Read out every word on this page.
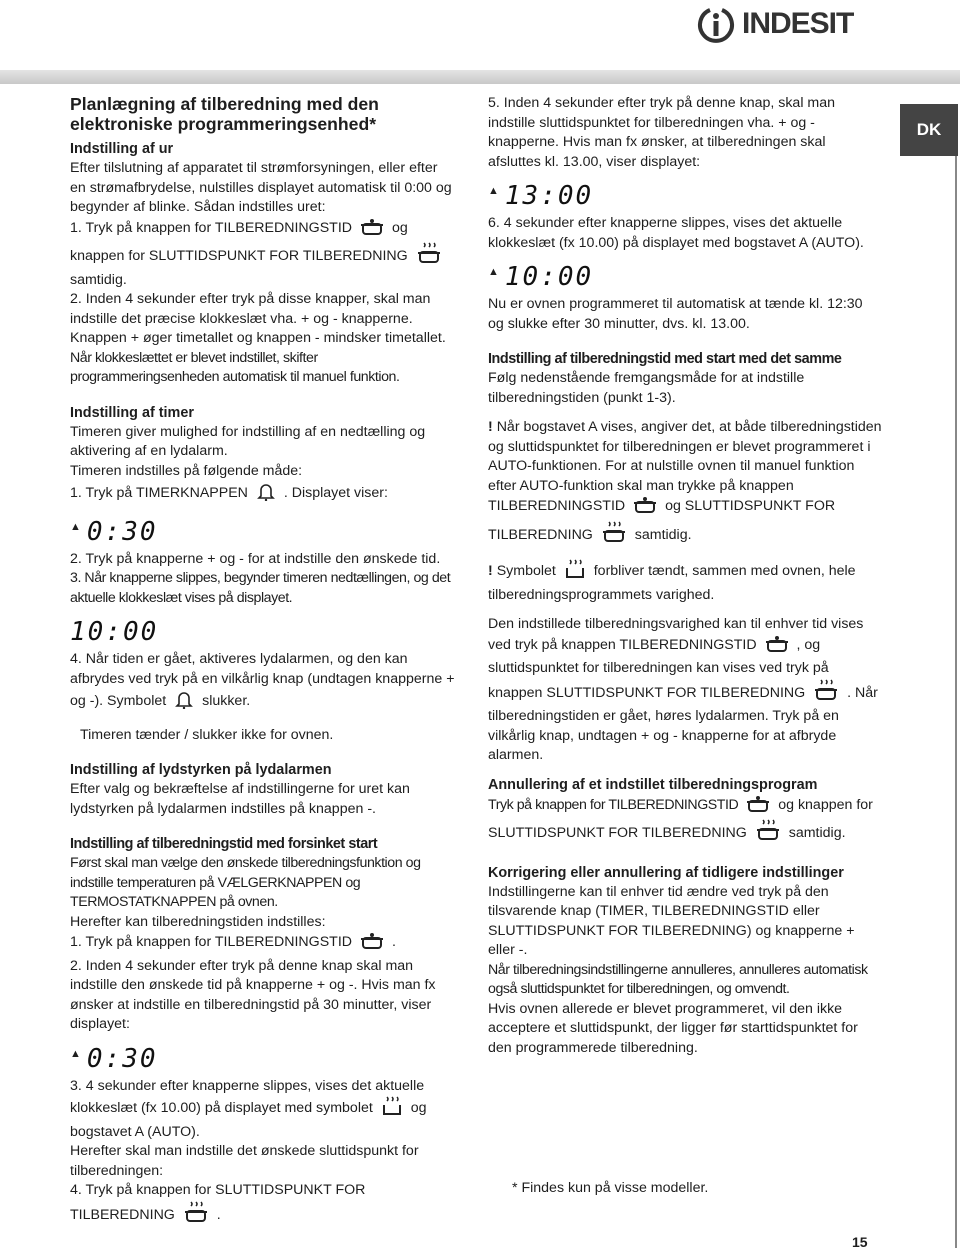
INDESIT
DK
Planlægning af tilberedning med den elektroniske programmeringsenhed*
Indstilling af ur

Efter tilslutning af apparatet til strømforsyningen, eller efter en strømafbrydelse, nulstilles displayet automatisk til 0:00 og begynder af blinke. Sådan indstilles uret:

1. Tryk på knappen for TILBEREDNINGSTID	og knappen for SLUTTIDSPUNKT FOR TILBEREDNING  samtidig.

2. Inden 4 sekunder efter tryk på disse knapper, skal man indstille det præcise klokkeslæt vha. + og - knapperne. Knappen + øger timetallet og knappen - mindsker timetallet.

Når klokkeslættet er blevet indstillet, skifter programmeringsenheden automatisk til manuel funktion.

Indstilling af timer

Timeren giver mulighed for indstilling af en nedtælling og aktivering af en lydalarm.

Timeren indstilles på følgende måde:

1. Tryk på TIMERKNAPPEN	. Displayet viser:

▲ 0:30

2. Tryk på knapperne + og - for at indstille den ønskede tid.

3. Når knapperne slippes, begynder timeren nedtællingen, og det aktuelle klokkeslæt vises på displayet.

10:00

4. Når tiden er gået, aktiveres lydalarmen, og den kan afbrydes ved tryk på en vilkårlig knap (undtagen knapperne + og -). Symbolet	slukker.

Timeren tænder / slukker ikke for ovnen.

Indstilling af lydstyrken på lydalarmen

Efter valg og bekræftelse af indstillingerne for uret kan lydstyrken på lydalarmen indstilles på knappen -.

Indstilling af tilberedningstid med forsinket start

Først skal man vælge den ønskede tilberedningsfunktion og indstille temperaturen på VÆLGERKNAPPEN og TERMOSTATKNAPPEN på ovnen.

Herefter kan tilberedningstiden indstilles:

1. Tryk på knappen for TILBEREDNINGSTID	.

2. Inden 4 sekunder efter tryk på denne knap skal man indstille den ønskede tid på knapperne + og -. Hvis man fx ønsker at indstille en tilberedningstid på 30 minutter, viser displayet:

▲ 0:30

3. 4 sekunder efter knapperne slippes, vises det aktuelle klokkeslæt (fx 10.00) på displayet med symbolet	og bogstavet A (AUTO).

Herefter skal man indstille det ønskede sluttidspunkt for tilberedningen:

4. Tryk på knappen for SLUTTIDSPUNKT FOR TILBEREDNING	.

5. Inden 4 sekunder efter tryk på denne knap, skal man indstille sluttidspunktet for tilberedningen vha. + og - knapperne. Hvis man fx ønsker, at tilberedningen skal afsluttes kl. 13.00, viser displayet:

▲ 13:00

6. 4 sekunder efter knapperne slippes, vises det aktuelle klokkeslæt (fx 10.00) på displayet med bogstavet A (AUTO).

▲ 10:00

Nu er ovnen programmeret til automatisk at tænde kl. 12:30 og slukke efter 30 minutter, dvs. kl. 13.00.

Indstilling af tilberedningstid med start med det samme

Følg nedenstående fremgangsmåde for at indstille tilberedningstiden (punkt 1-3).

! Når bogstavet A vises, angiver det, at både tilberedningstiden og sluttidspunktet for tilberedningen er blevet programmeret i AUTO-funktionen. For at nulstille ovnen til manuel funktion efter AUTO-funktion skal man trykke på knappen TILBEREDNINGSTID	og SLUTTIDSPUNKT FOR TILBEREDNING	samtidig.

! Symbolet	forbliver tændt, sammen med ovnen, hele tilberedningsprogrammets varighed.

Den indstillede tilberedningsvarighed kan til enhver tid vises ved tryk på knappen TILBEREDNINGSTID	, og sluttidspunktet for tilberedningen kan vises ved tryk på knappen SLUTTIDSPUNKT FOR TILBEREDNING	. Når tilberedningstiden er gået, høres lydalarmen. Tryk på en vilkårlig knap, undtagen + og - knapperne for at afbryde alarmen.

Annullering af et indstillet tilberedningsprogram

Tryk på knappen for TILBEREDNINGSTID	og knappen for SLUTTIDSPUNKT FOR TILBEREDNING	samtidig.

Korrigering eller annullering af tidligere indstillinger

Indstillingerne kan til enhver tid ændre ved tryk på den tilsvarende knap (TIMER, TILBEREDNINGSTID eller SLUTTIDSPUNKT FOR TILBEREDNING) og knapperne + eller -.

Når tilberedningsindstillingerne annulleres, annulleres automatisk også sluttidspunktet for tilberedningen, og omvendt.

Hvis ovnen allerede er blevet programmeret, vil den ikke acceptere et sluttidspunkt, der ligger før starttidspunktet for den programmerede tilberedning.

* Findes kun på visse modeller.
15
